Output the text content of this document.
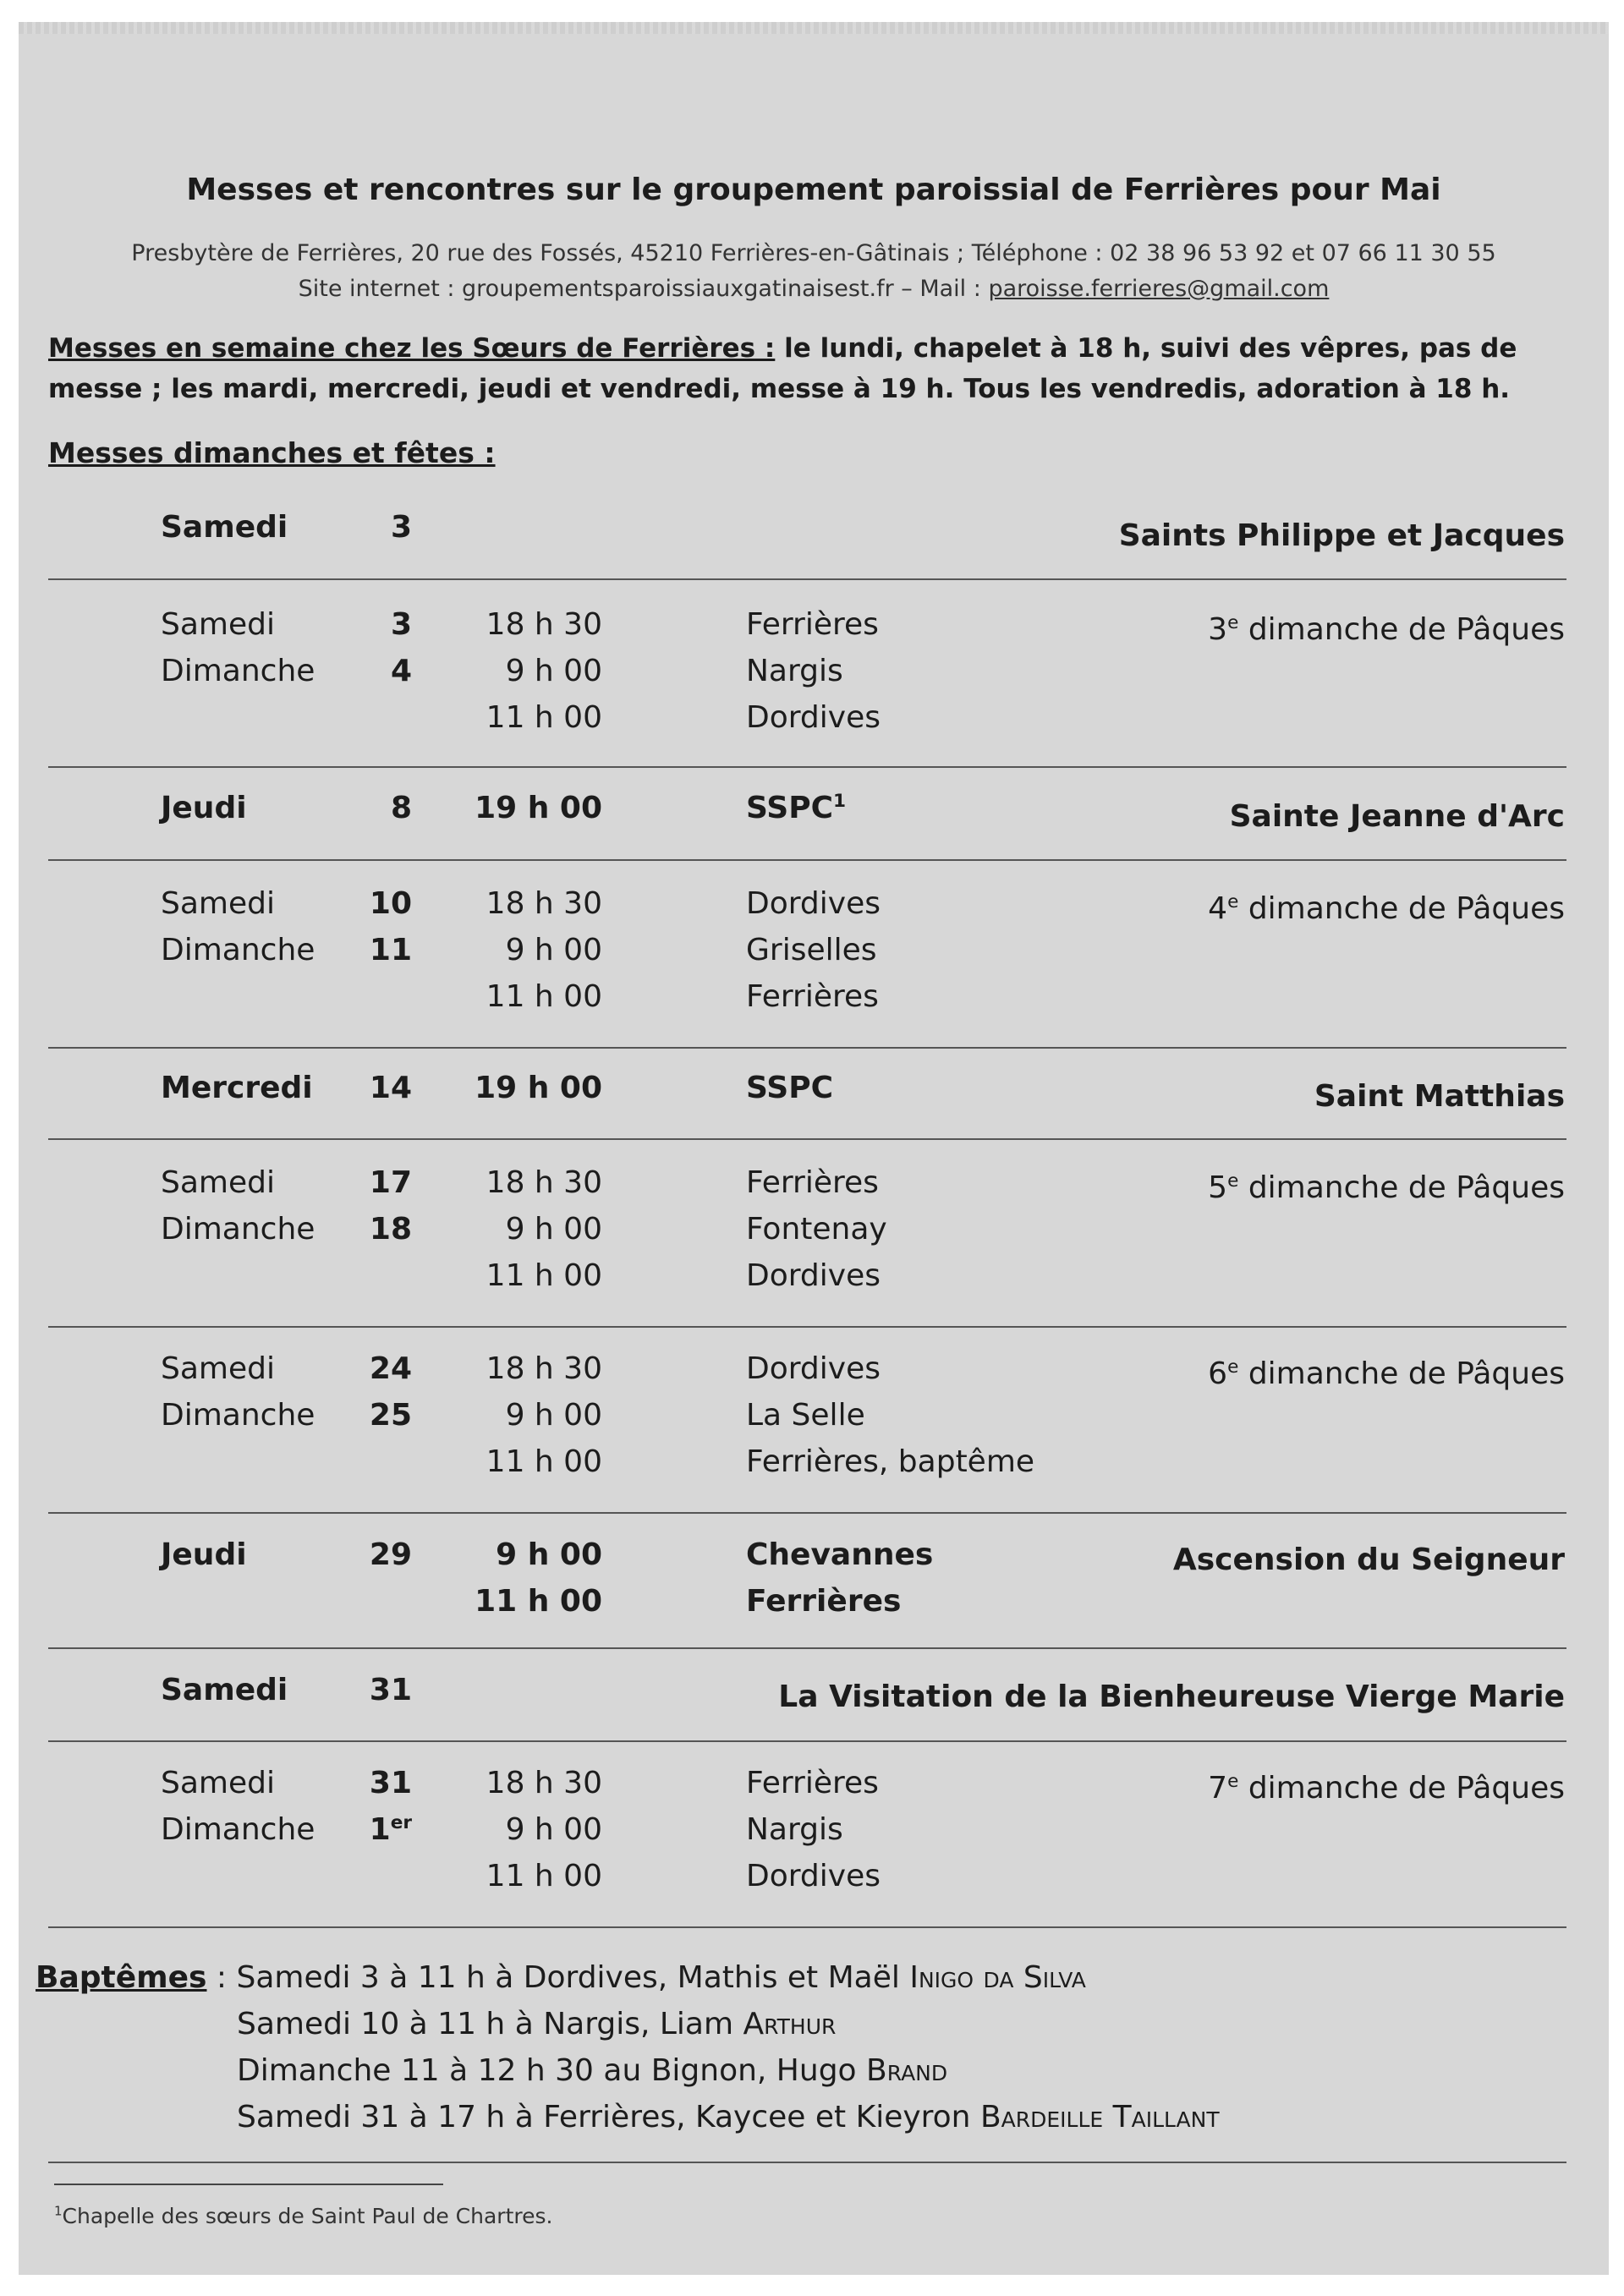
Messes et rencontres sur le groupement paroissial de Ferrières pour Mai
Presbytère de Ferrières, 20 rue des Fossés, 45210 Ferrières-en-Gâtinais ; Téléphone : 02 38 96 53 92 et 07 66 11 30 55
Site internet : groupementsparoissiauxgatinaisest.fr – Mail : paroisse.ferrieres@gmail.com
Messes en semaine chez les Sœurs de Ferrières : le lundi, chapelet à 18 h, suivi des vêpres, pas de messe ; les mardi, mercredi, jeudi et vendredi, messe à 19 h. Tous les vendredis, adoration à 18 h.
Messes dimanches et fêtes :
Samedi	3	Saints Philippe et Jacques
Samedi	3	18 h 30	Ferrières	3e dimanche de Pâques
Dimanche	4	9 h 00	Nargis
11 h 00	Dordives
Jeudi	8	19 h 00	SSPC$^1$	Sainte Jeanne d'Arc
Samedi	10	18 h 30	Dordives	4e dimanche de Pâques
Dimanche	11	9 h 00	Griselles
11 h 00	Ferrières
Mercredi	14	19 h 00	SSPC	Saint Matthias
Samedi	17	18 h 30	Ferrières	5e dimanche de Pâques
Dimanche	18	9 h 00	Fontenay
11 h 00	Dordives
Samedi	24	18 h 30	Dordives	6e dimanche de Pâques
Dimanche	25	9 h 00	La Selle
11 h 00	Ferrières, baptême
Jeudi	29	9 h 00	Chevannes	Ascension du Seigneur
11 h 00	Ferrières
Samedi	31	La Visitation de la Bienheureuse Vierge Marie
Samedi	31	18 h 30	Ferrières	7e dimanche de Pâques
Dimanche	1er	9 h 00	Nargis
11 h 00	Dordives
Baptêmes : Samedi 3 à 11 h à Dordives, Mathis et Maël Inigo da Silva
Samedi 10 à 11 h à Nargis, Liam Arthur
Dimanche 11 à 12 h 30 au Bignon, Hugo Brand
Samedi 31 à 17 h à Ferrières, Kaycee et Kieyron Bardeille Taillant
$^1$Chapelle des sœurs de Saint Paul de Chartres.
